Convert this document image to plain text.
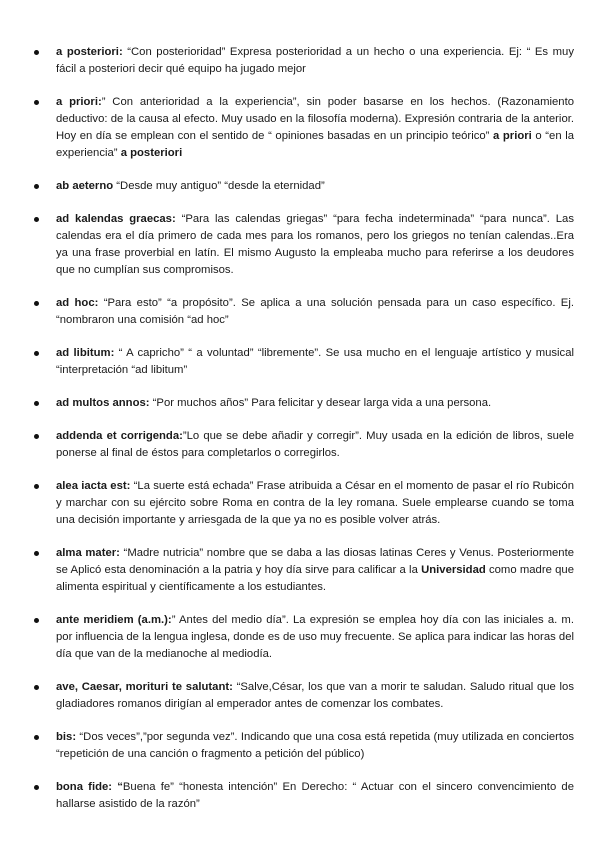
a posteriori: “Con posterioridad” Expresa posterioridad a un hecho o una experiencia. Ej: “ Es muy fácil a posteriori decir qué equipo ha jugado mejor
a priori:” Con anterioridad a la experiencia”, sin poder basarse en los hechos. (Razonamiento deductivo: de la causa al efecto. Muy usado en la filosofía moderna). Expresión contraria de la anterior. Hoy en día se emplean con el sentido de “ opiniones basadas en un principio teórico” a priori o “en la experiencia” a posteriori
ab aeterno “Desde muy antiguo” “desde la eternidad”
ad kalendas graecas: “Para las calendas griegas” “para fecha indeterminada” “para nunca”. Las calendas era el día primero de cada mes para los romanos, pero los griegos no tenían calendas..Era ya una frase proverbial en latín. El mismo Augusto la empleaba mucho para referirse a los deudores que no cumplían sus compromisos.
ad hoc: “Para esto” “a propósito”. Se aplica a una solución pensada para un caso específico. Ej. “nombraron una comisión “ad hoc”
ad libitum: “ A capricho” “ a voluntad” “libremente”. Se usa mucho en el lenguaje artístico y musical “interpretación “ad libitum”
ad multos annos: “Por muchos años” Para felicitar y desear larga vida a una persona.
addenda et corrigenda:”Lo que se debe añadir y corregir”. Muy usada en la edición de libros, suele ponerse al final de éstos para completarlos o corregirlos.
alea iacta est: “La suerte está echada” Frase atribuida a César en el momento de pasar el río Rubicón y marchar con su ejército sobre Roma en contra de la ley romana. Suele emplearse cuando se toma una decisión importante y arriesgada de la que ya no es posible volver atrás.
alma mater: “Madre nutricia” nombre que se daba a las diosas latinas Ceres y Venus. Posteriormente se Aplicó esta denominación a la patria y hoy día sirve para calificar a la Universidad como madre que alimenta espiritual y científicamente a los estudiantes.
ante meridiem (a.m.):” Antes del medio día”. La expresión se emplea hoy día con las iniciales a. m. por influencia de la lengua inglesa, donde es de uso muy frecuente. Se aplica para indicar las horas del día que van de la medianoche al mediodía.
ave, Caesar, morituri te salutant: “Salve,César, los que van a morir te saludan. Saludo ritual que los gladiadores romanos dirigían al emperador antes de comenzar los combates.
bis: “Dos veces”,”por segunda vez”. Indicando que una cosa está repetida (muy utilizada en conciertos “repetición de una canción o fragmento a petición del público)
bona fide: “Buena fe” “honesta intención” En Derecho: “ Actuar con el sincero convencimiento de hallarse asistido de la razón”
